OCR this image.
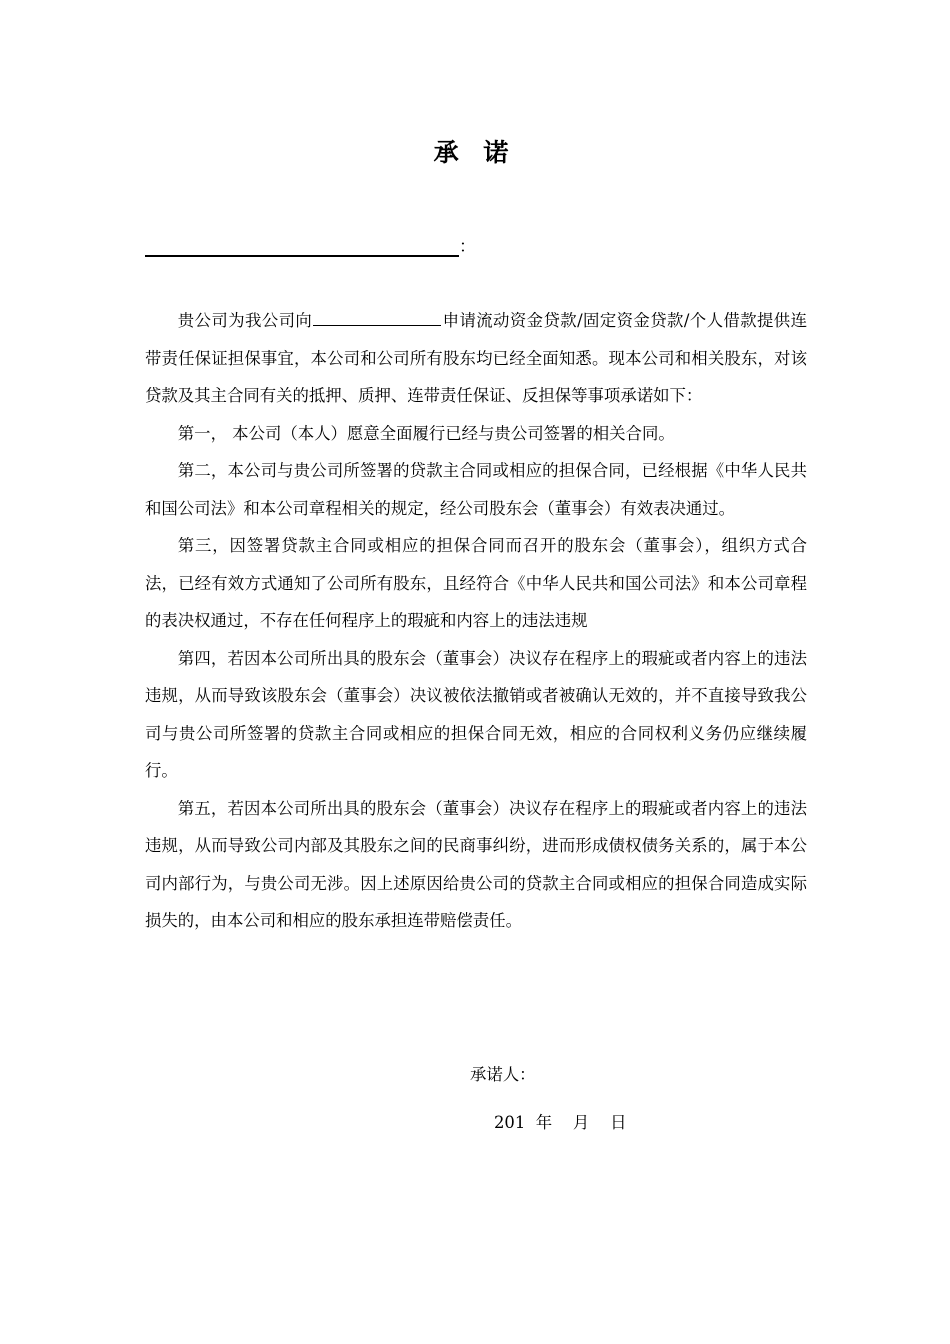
承 诺
：

贵公司为我公司向	申请流动资金贷款/固定资金贷款/个人借款提供连带责任保证担保事宜，本公司和公司所有股东均已经全面知悉。现本公司和相关股东，对该贷款及其主合同有关的抵押、质押、连带责任保证、反担保等事项承诺如下：

第一， 本公司（本人）愿意全面履行已经与贵公司签署的相关合同。

第二，本公司与贵公司所签署的贷款主合同或相应的担保合同，已经根据《中华人民共和国公司法》和本公司章程相关的规定，经公司股东会（董事会）有效表决通过。

第三，因签署贷款主合同或相应的担保合同而召开的股东会（董事会），组织方式合法，已经有效方式通知了公司所有股东，且经符合《中华人民共和国公司法》和本公司章程的表决权通过，不存在任何程序上的瑕疵和内容上的违法违规

第四，若因本公司所出具的股东会（董事会）决议存在程序上的瑕疵或者内容上的违法违规，从而导致该股东会（董事会）决议被依法撤销或者被确认无效的，并不直接导致我公司与贵公司所签署的贷款主合同或相应的担保合同无效，相应的合同权利义务仍应继续履行。

第五，若因本公司所出具的股东会（董事会）决议存在程序上的瑕疵或者内容上的违法违规，从而导致公司内部及其股东之间的民商事纠纷，进而形成债权债务关系的，属于本公司内部行为，与贵公司无涉。因上述原因给贵公司的贷款主合同或相应的担保合同造成实际损失的，由本公司和相应的股东承担连带赔偿责任。

承诺人：
201  年    月    日
